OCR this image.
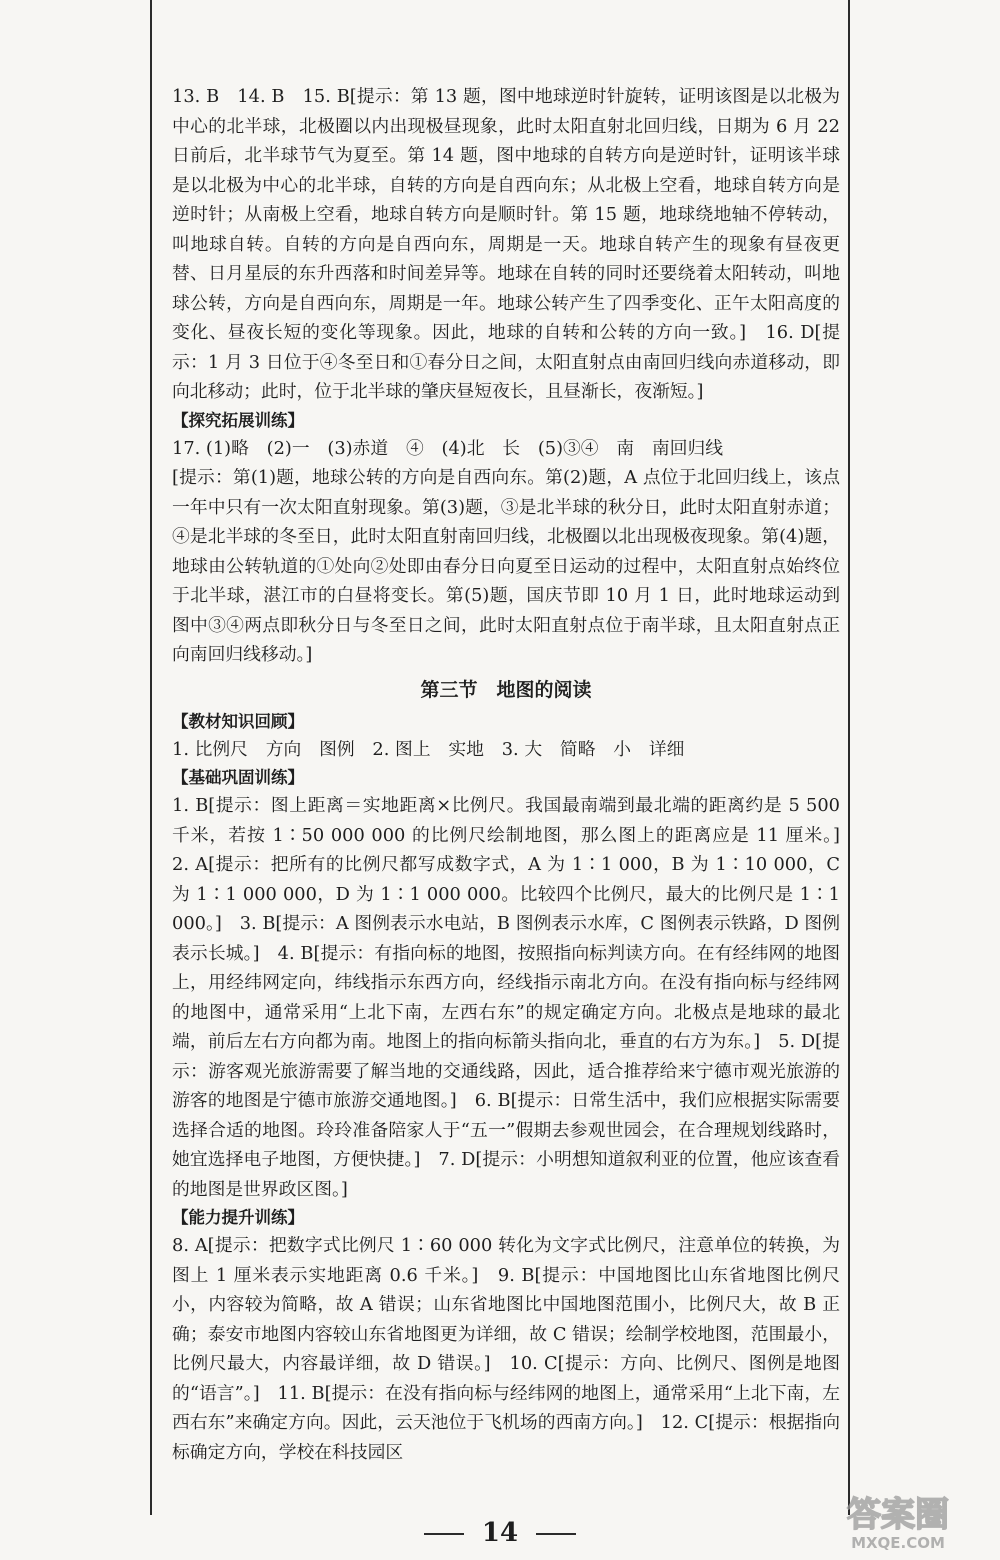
13. B　14. B　15. B[提示：第 13 题，图中地球逆时针旋转，证明该图是以北极为中心的北半球，北极圈以内出现极昼现象，此时太阳直射北回归线，日期为 6 月 22 日前后，北半球节气为夏至。第 14 题，图中地球的自转方向是逆时针，证明该半球是以北极为中心的北半球，自转的方向是自西向东；从北极上空看，地球自转方向是逆时针；从南极上空看，地球自转方向是顺时针。第 15 题，地球绕地轴不停转动，叫地球自转。自转的方向是自西向东，周期是一天。地球自转产生的现象有昼夜更替、日月星辰的东升西落和时间差异等。地球在自转的同时还要绕着太阳转动，叫地球公转，方向是自西向东，周期是一年。地球公转产生了四季变化、正午太阳高度的变化、昼夜长短的变化等现象。因此，地球的自转和公转的方向一致。]　16. D[提示：1 月 3 日位于④冬至日和①春分日之间，太阳直射点由南回归线向赤道移动，即向北移动；此时，位于北半球的肇庆昼短夜长，且昼渐长，夜渐短。]

【探究拓展训练】

17. (1)略　(2)一　(3)赤道　④　(4)北　长　(5)③④　南　南回归线

[提示：第(1)题，地球公转的方向是自西向东。第(2)题，A 点位于北回归线上，该点一年中只有一次太阳直射现象。第(3)题，③是北半球的秋分日，此时太阳直射赤道；④是北半球的冬至日，此时太阳直射南回归线，北极圈以北出现极夜现象。第(4)题，地球由公转轨道的①处向②处即由春分日向夏至日运动的过程中，太阳直射点始终位于北半球，湛江市的白昼将变长。第(5)题，国庆节即 10 月 1 日，此时地球运动到图中③④两点即秋分日与冬至日之间，此时太阳直射点位于南半球，且太阳直射点正向南回归线移动。]

第三节　地图的阅读
【教材知识回顾】

1. 比例尺　方向　图例　2. 图上　实地　3. 大　简略　小　详细

【基础巩固训练】

1. B[提示：图上距离＝实地距离×比例尺。我国最南端到最北端的距离约是 5 500 千米，若按 1∶50 000 000 的比例尺绘制地图，那么图上的距离应是 11 厘米。]　2. A[提示：把所有的比例尺都写成数字式，A 为 1∶1 000，B 为 1∶10 000，C 为 1∶1 000 000，D 为 1∶1 000 000。比较四个比例尺，最大的比例尺是 1∶1 000。]　3. B[提示：A 图例表示水电站，B 图例表示水库，C 图例表示铁路，D 图例表示长城。]　4. B[提示：有指向标的地图，按照指向标判读方向。在有经纬网的地图上，用经纬网定向，纬线指示东西方向，经线指示南北方向。在没有指向标与经纬网的地图中，通常采用“上北下南，左西右东”的规定确定方向。北极点是地球的最北端，前后左右方向都为南。地图上的指向标箭头指向北，垂直的右方为东。]　5. D[提示：游客观光旅游需要了解当地的交通线路，因此，适合推荐给来宁德市观光旅游的游客的地图是宁德市旅游交通地图。]　6. B[提示：日常生活中，我们应根据实际需要选择合适的地图。玲玲准备陪家人于“五一”假期去参观世园会，在合理规划线路时，她宜选择电子地图，方便快捷。]　7. D[提示：小明想知道叙利亚的位置，他应该查看的地图是世界政区图。]

【能力提升训练】

8. A[提示：把数字式比例尺 1∶60 000 转化为文字式比例尺，注意单位的转换，为图上 1 厘米表示实地距离 0.6 千米。]　9. B[提示：中国地图比山东省地图比例尺小，内容较为简略，故 A 错误；山东省地图比中国地图范围小，比例尺大，故 B 正确；泰安市地图内容较山东省地图更为详细，故 C 错误；绘制学校地图，范围最小，比例尺最大，内容最详细，故 D 错误。]　10. C[提示：方向、比例尺、图例是地图的“语言”。]　11. B[提示：在没有指向标与经纬网的地图上，通常采用“上北下南，左西右东”来确定方向。因此，云天池位于飞机场的西南方向。]　12. C[提示：根据指向标确定方向，学校在科技园区

14	答案圈
MXQE.COM
